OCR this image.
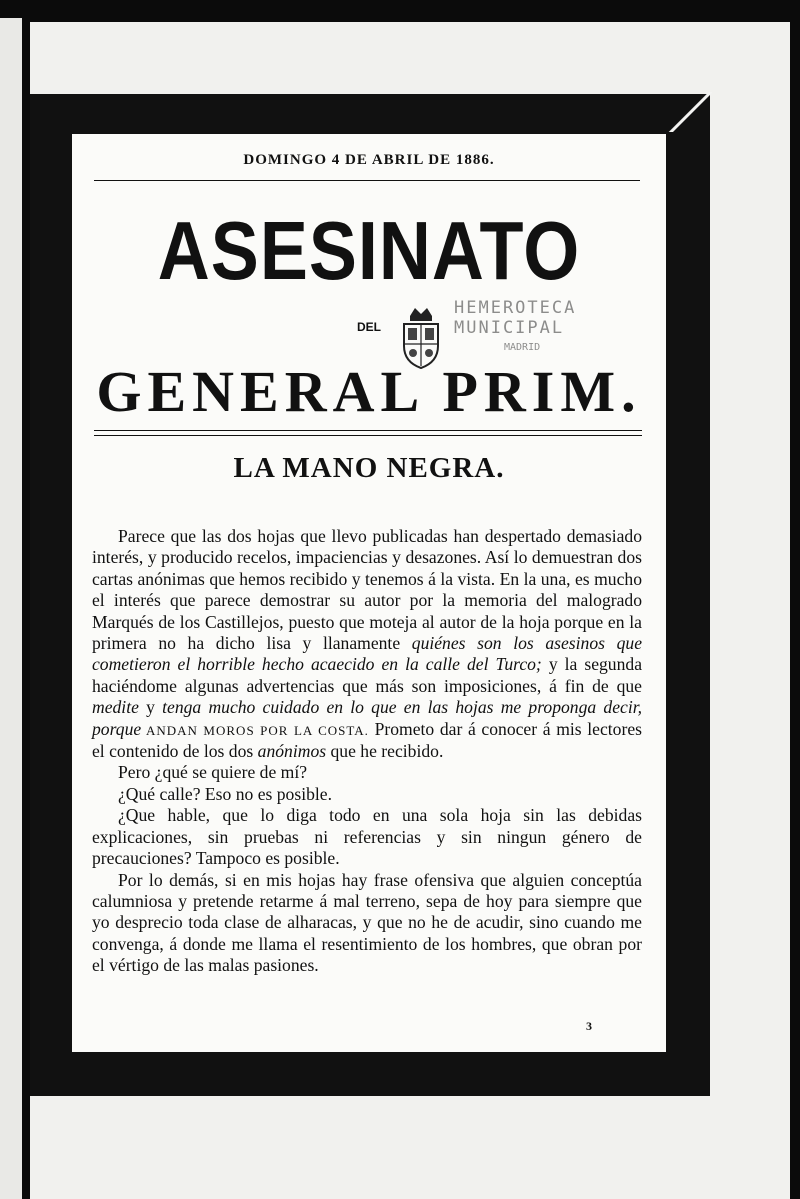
DOMINGO 4 DE ABRIL DE 1886.
ASESINATO
DEL
HEMEROTECA
MUNICIPAL
MADRID
GENERAL PRIM.
LA MANO NEGRA.

Parece que las dos hojas que llevo publicadas han despertado demasiado interés, y producido recelos, impaciencias y desazones. Así lo demuestran dos cartas anónimas que hemos recibido y tenemos á la vista. En la una, es mucho el interés que parece demostrar su autor por la memoria del malogrado Marqués de los Castillejos, puesto que moteja al autor de la hoja porque en la primera no ha dicho lisa y llanamente quiénes son los asesinos que cometieron el horrible hecho acaecido en la calle del Turco; y la segunda haciéndome algunas advertencias que más son imposiciones, á fin de que medite y tenga mucho cuidado en lo que en las hojas me proponga decir, porque ANDAN MOROS POR LA COSTA. Prometo dar á conocer á mis lectores el contenido de los dos anónimos que he recibido.

Pero ¿qué se quiere de mí?

¿Qué calle? Eso no es posible.

¿Que hable, que lo diga todo en una sola hoja sin las debidas explicaciones, sin pruebas ni referencias y sin ningun género de precauciones? Tampoco es posible.

Por lo demás, si en mis hojas hay frase ofensiva que alguien conceptúa calumniosa y pretende retarme á mal terreno, sepa de hoy para siempre que yo desprecio toda clase de alharacas, y que no he de acudir, sino cuando me convenga, á donde me llama el resentimiento de los hombres, que obran por el vértigo de las malas pasiones.

3
